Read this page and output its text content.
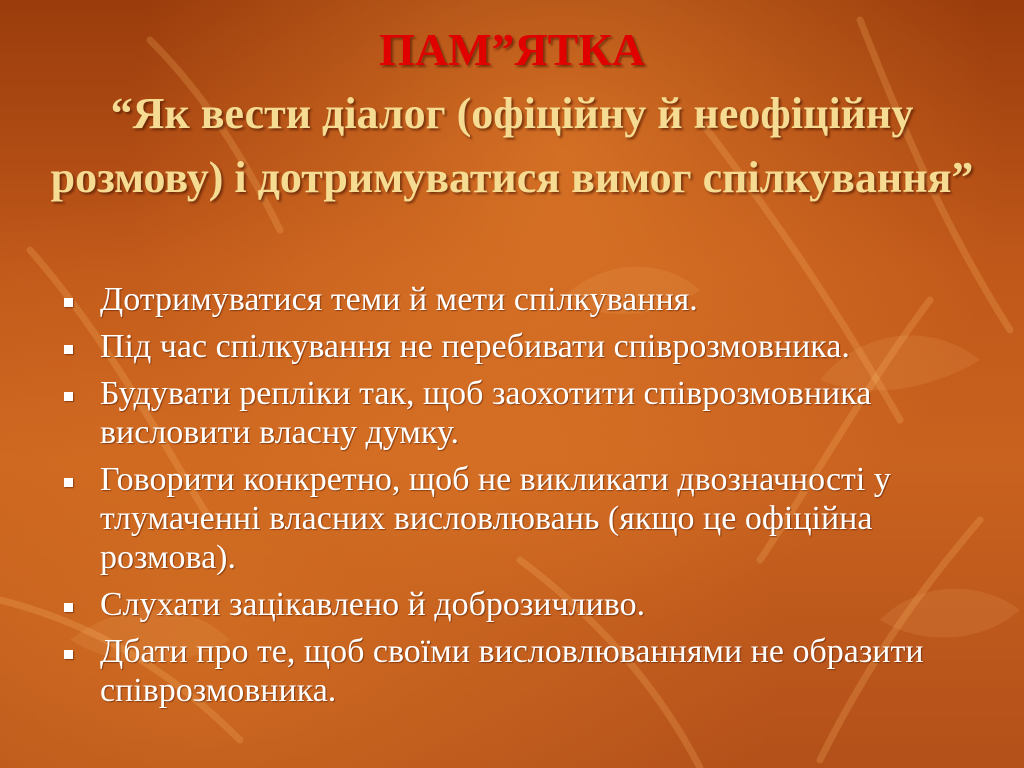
ПАМ”ЯТКА
“Як вести діалог (офіційну й неофіційну розмову) і дотримуватися вимог спілкування”
Дотримуватися теми й мети спілкування.
Під час спілкування не перебивати співрозмовника.
Будувати репліки так, щоб заохотити співрозмовника висловити власну думку.
Говорити конкретно, щоб не викликати двозначності у тлумаченні власних висловлювань (якщо це офіційна розмова).
Слухати зацікавлено й доброзичливо.
Дбати про те, щоб своїми висловлюваннями не образити співрозмовника.
